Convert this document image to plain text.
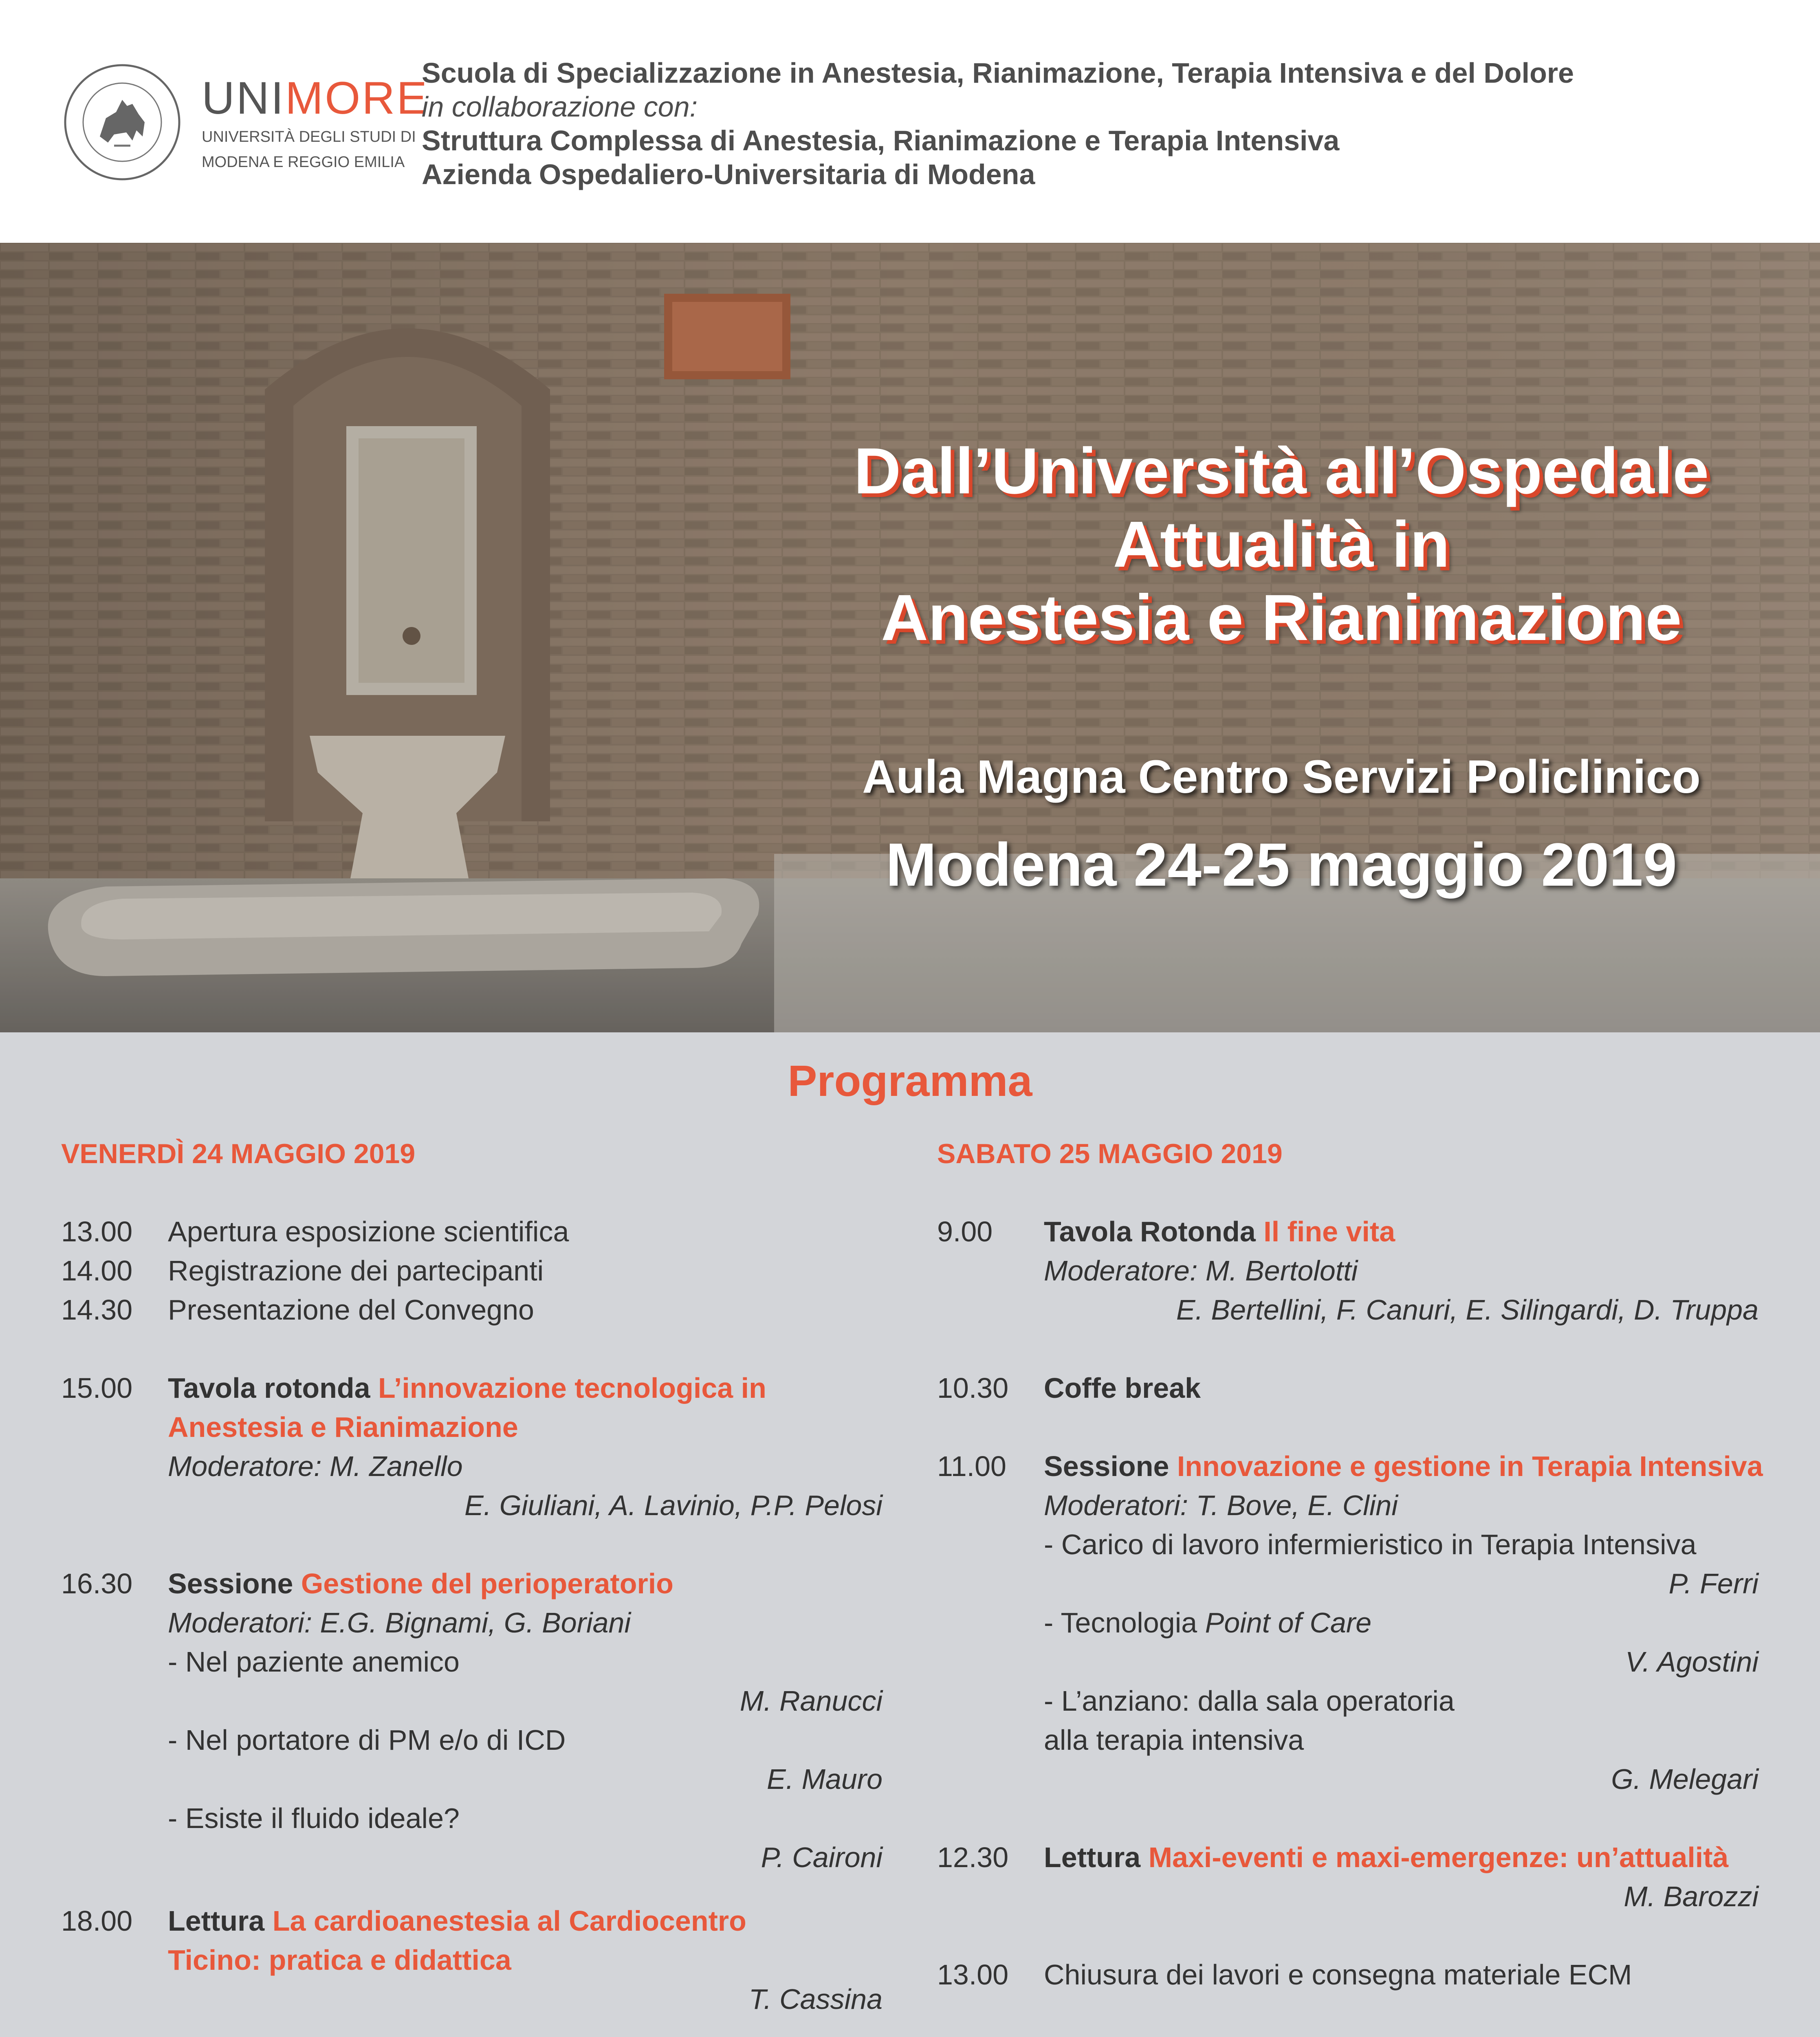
UNIMORE
UNIVERSITÀ DEGLI STUDI DI
MODENA E REGGIO EMILIA
Scuola di Specializzazione in Anestesia, Rianimazione, Terapia Intensiva e del Dolore
in collaborazione con:
Struttura Complessa di Anestesia, Rianimazione e Terapia Intensiva
Azienda Ospedaliero-Universitaria di Modena
Dall’Università all’Ospedale
Attualità in
Anestesia e Rianimazione
Aula Magna Centro Servizi Policlinico
Modena 24-25 maggio 2019
Programma
VENERDÌ 24 MAGGIO 2019
13.00 Apertura esposizione scientifica
14.00 Registrazione dei partecipanti
14.30 Presentazione del Convegno
15.00 Tavola rotonda L’innovazione tecnologica in
Anestesia e Rianimazione
Moderatore: M. Zanello
E. Giuliani, A. Lavinio, P.P. Pelosi
16.30 Sessione Gestione del perioperatorio
Moderatori: E.G. Bignami, G. Boriani
- Nel paziente anemico
M. Ranucci
- Nel portatore di PM e/o di ICD
E. Mauro
- Esiste il fluido ideale?
P. Caironi
18.00 Lettura La cardioanestesia al Cardiocentro
Ticino: pratica e didattica
T. Cassina
SABATO 25 MAGGIO 2019
9.00 Tavola Rotonda Il fine vita
Moderatore: M. Bertolotti
E. Bertellini, F. Canuri, E. Silingardi, D. Truppa
10.30 Coffe break
11.00 Sessione Innovazione e gestione in Terapia Intensiva
Moderatori: T. Bove, E. Clini
- Carico di lavoro infermieristico in Terapia Intensiva
P. Ferri
- Tecnologia Point of Care
V. Agostini
- L’anziano: dalla sala operatoria
alla terapia intensiva
G. Melegari
12.30 Lettura Maxi-eventi e maxi-emergenze: un’attualità
M. Barozzi
13.00 Chiusura dei lavori e consegna materiale ECM
